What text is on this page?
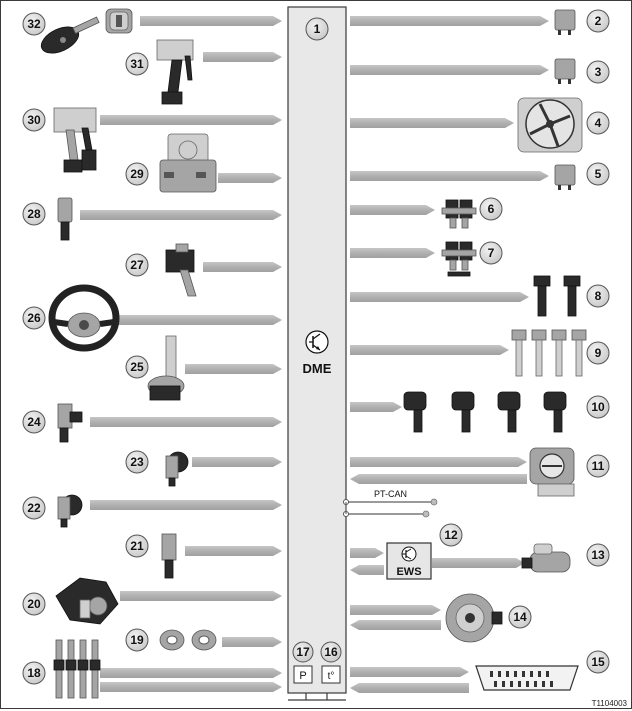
DME
PT-CAN
EWS
P t°
1
2
3
4
5
6
7
8
9
10
11
12
13
14
15
16
17
18
19
20
21
22
23
24
25
26
27
28
29
30
31
32
T1104003
